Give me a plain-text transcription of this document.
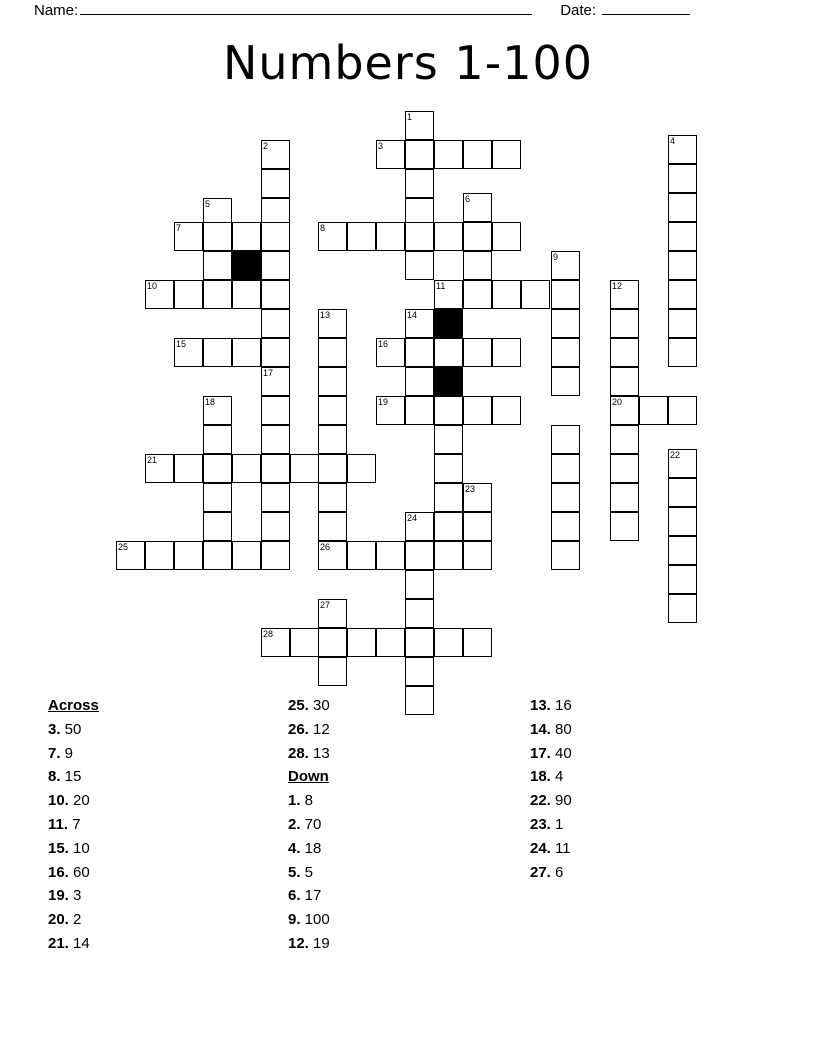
Name:	Date:
Numbers 1-100
1
2	3	4
5	6
7	8
9
10	11	12
13	14
15	16
17
18	19	20
21	22
24
23
25	26
27
28
Across
3. 50
7. 9
8. 15
10. 20
11. 7
15. 10
16. 60
19. 3
20. 2
21. 14
25. 30
26. 12
28. 13
Down
1. 8
2. 70
4. 18
5. 5
6. 17
9. 100
12. 19
13. 16
14. 80
17. 40
18. 4
22. 90
23. 1
24. 11
27. 6
